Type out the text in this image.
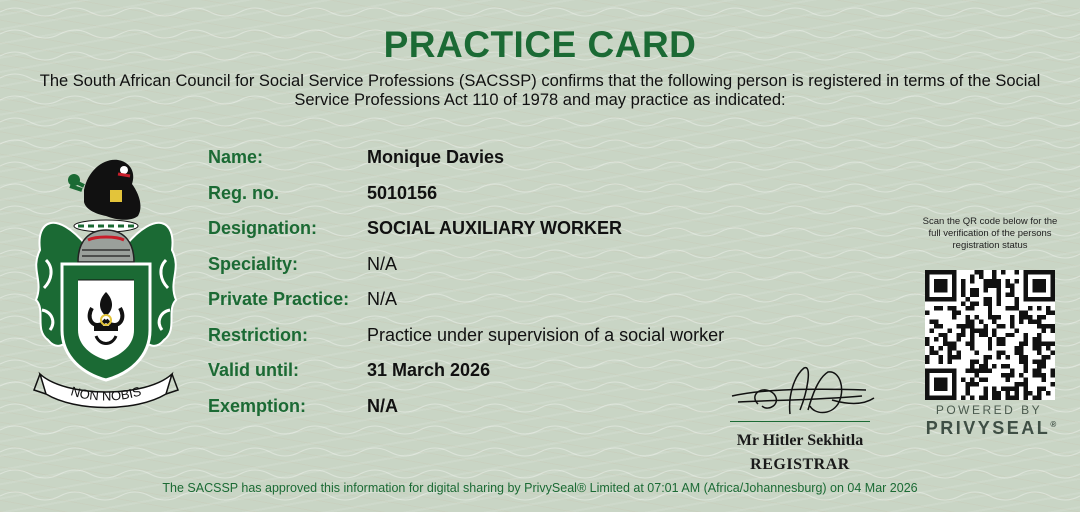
PRACTICE CARD

The South African Council for Social Service Professions (SACSSP) confirms that the following person is registered in terms of the Social Service Professions Act 110 of 1978 and may practice as indicated:

NON NOBIS
Name:	Monique Davies
Reg. no.	5010156
Designation:	SOCIAL AUXILIARY WORKER
Speciality:	N/A
Private Practice: N/A
Restriction:	Practice under supervision of a social worker
Valid until:	31 March 2026
Exemption:	N/A
Mr Hitler Sekhitla
REGISTRAR
Scan the QR code below for the full verification of the persons registration status
POWERED BY
PRIVYSEAL®
The SACSSP has approved this information for digital sharing by PrivySeal® Limited at 07:01 AM (Africa/Johannesburg) on 04 Mar 2026
